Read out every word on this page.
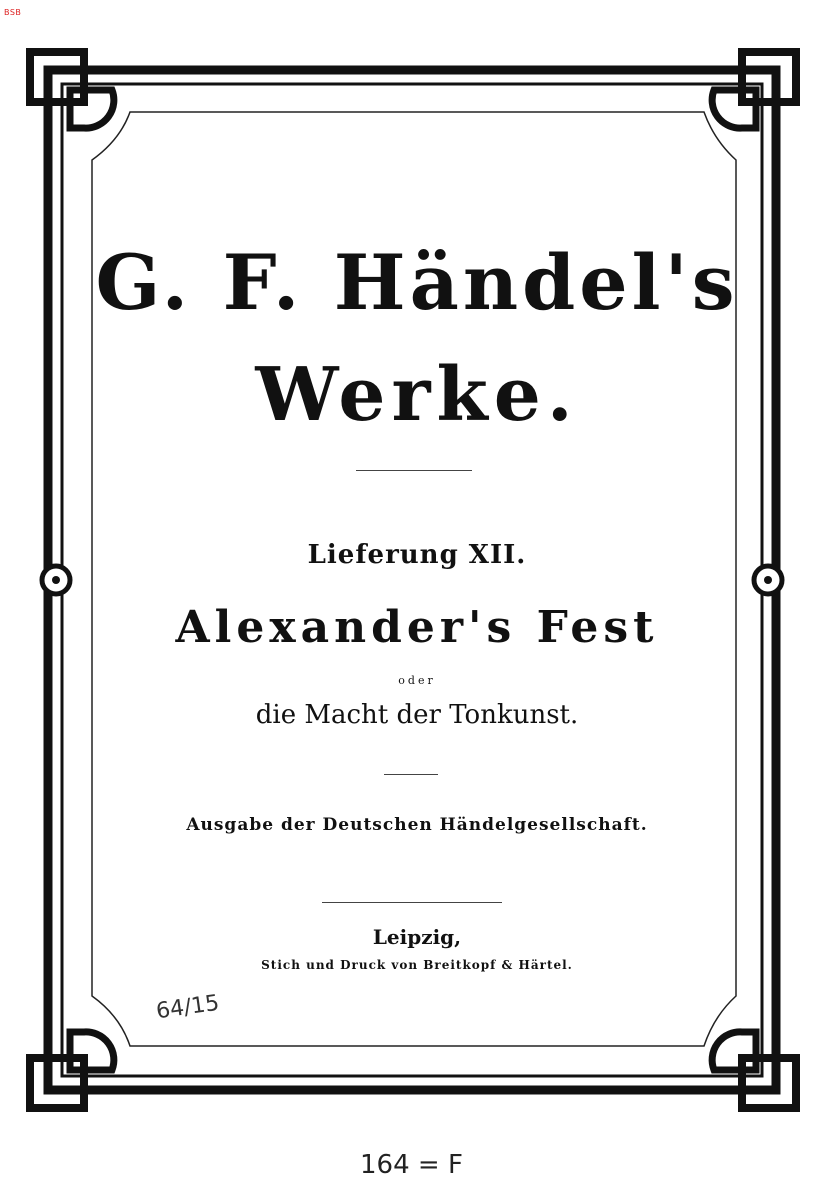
BSB
G. F. Händel's
Werke.
Lieferung XII.
Alexander's Fest
oder
die Macht der Tonkunst.
Ausgabe der Deutschen Händelgesellschaft.
Leipzig,
Stich und Druck von Breitkopf & Härtel.
64/15
164 = F
